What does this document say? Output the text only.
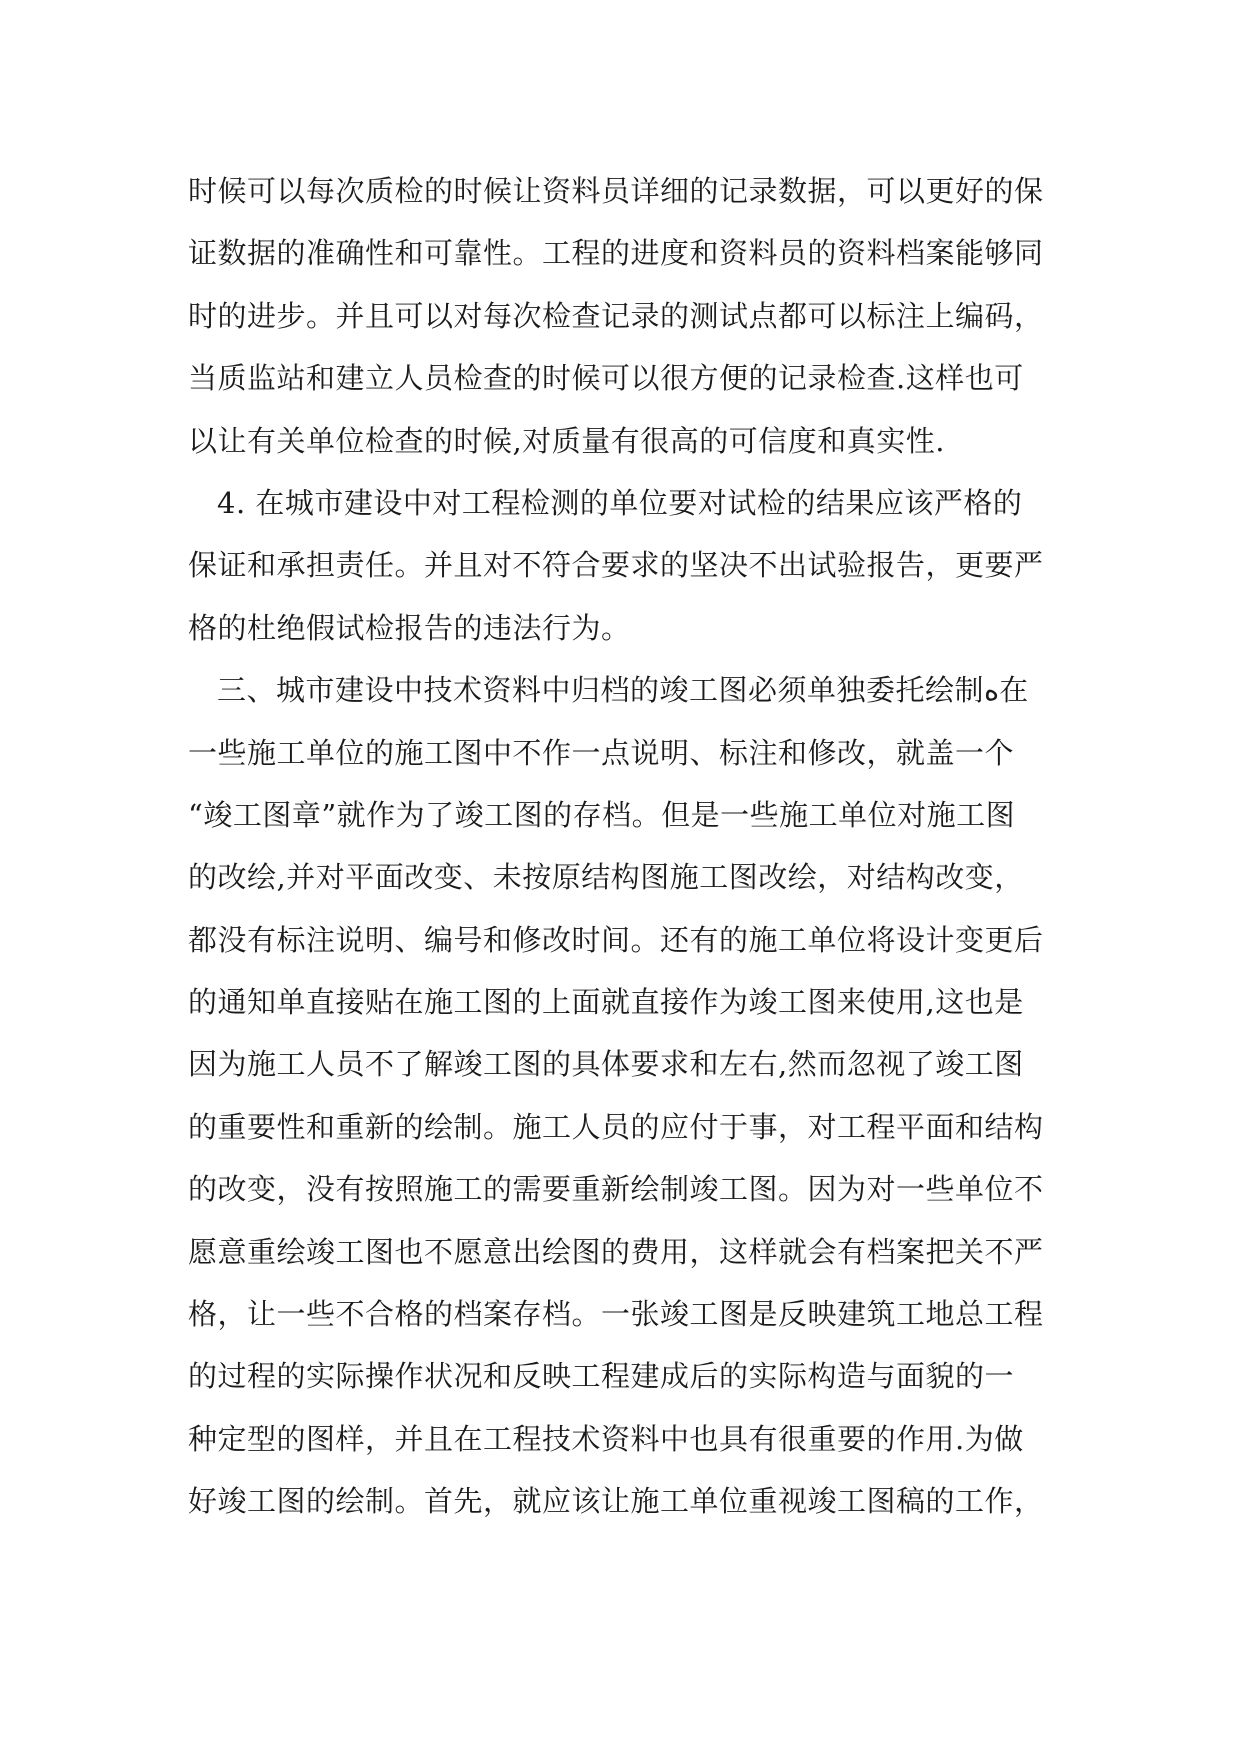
时候可以每次质检的时候让资料员详细的记录数据，可以更好的保
证数据的准确性和可靠性。工程的进度和资料员的资料档案能够同
时的进步。并且可以对每次检查记录的测试点都可以标注上编码，
当质监站和建立人员检查的时候可以很方便的记录检查.这样也可
以让有关单位检查的时候,对质量有很高的可信度和真实性.
4. 在城市建设中对工程检测的单位要对试检的结果应该严格的
保证和承担责任。并且对不符合要求的坚决不出试验报告，更要严
格的杜绝假试检报告的违法行为。
三、城市建设中技术资料中归档的竣工图必须单独委托绘制ﻩ在
一些施工单位的施工图中不作一点说明、标注和修改，就盖一个
“竣工图章”就作为了竣工图的存档。但是一些施工单位对施工图
的改绘,并对平面改变、未按原结构图施工图改绘，对结构改变，
都没有标注说明、编号和修改时间。还有的施工单位将设计变更后
的通知单直接贴在施工图的上面就直接作为竣工图来使用,这也是
因为施工人员不了解竣工图的具体要求和左右,然而忽视了竣工图
的重要性和重新的绘制。施工人员的应付于事，对工程平面和结构
的改变，没有按照施工的需要重新绘制竣工图。因为对一些单位不
愿意重绘竣工图也不愿意出绘图的费用，这样就会有档案把关不严
格，让一些不合格的档案存档。一张竣工图是反映建筑工地总工程
的过程的实际操作状况和反映工程建成后的实际构造与面貌的一
种定型的图样，并且在工程技术资料中也具有很重要的作用.为做
好竣工图的绘制。首先，就应该让施工单位重视竣工图稿的工作，
